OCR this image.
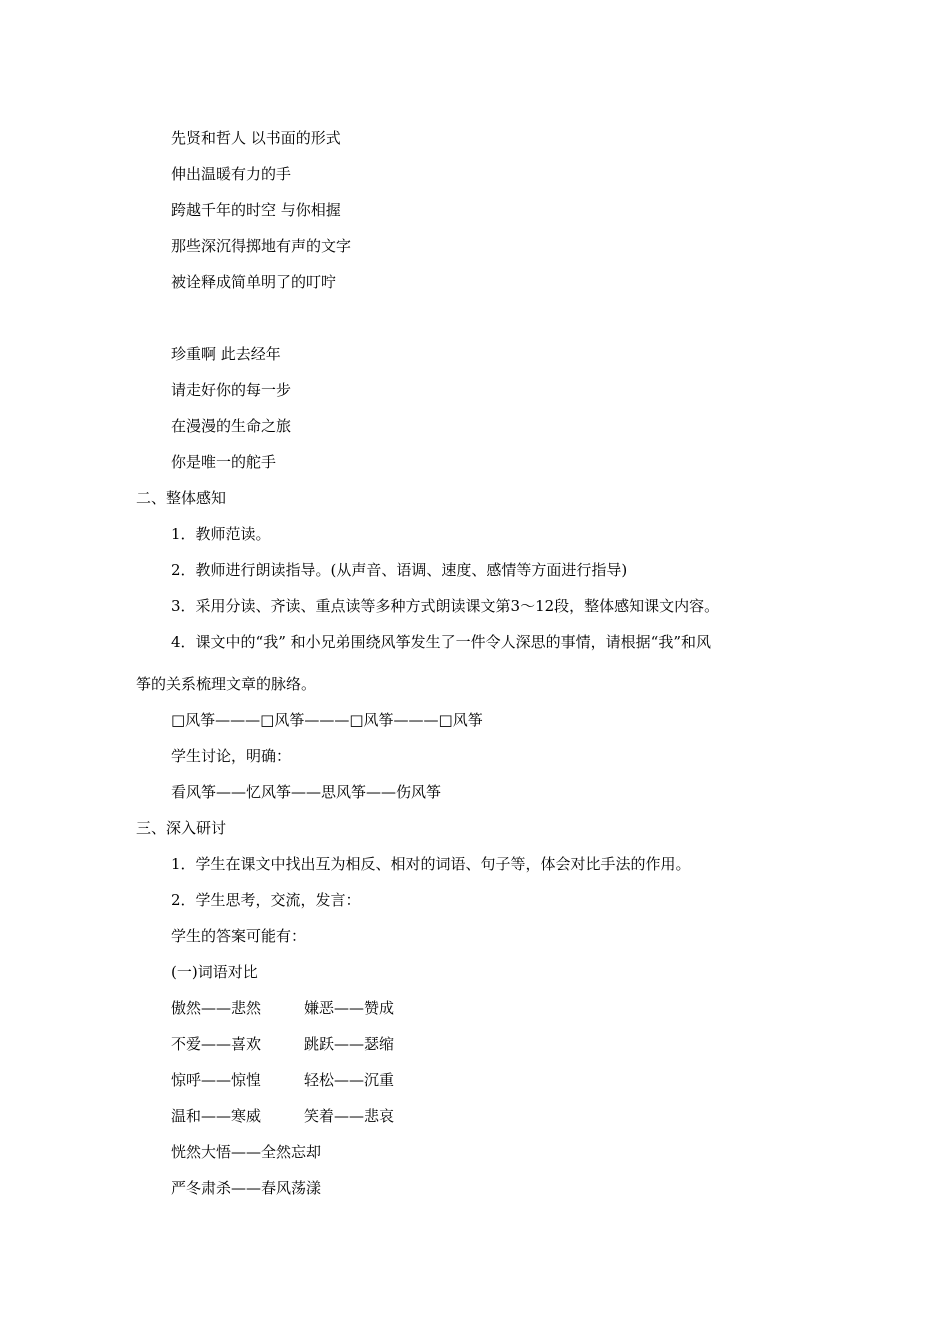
先贤和哲人 以书面的形式

伸出温暖有力的手

跨越千年的时空 与你相握

那些深沉得掷地有声的文字

被诠释成简单明了的叮咛

珍重啊 此去经年

请走好你的每一步

在漫漫的生命之旅

你是唯一的舵手

二、整体感知

1．教师范读。

2．教师进行朗读指导。(从声音、语调、速度、感情等方面进行指导)

3．采用分读、齐读、重点读等多种方式朗读课文第3～12段，整体感知课文内容。

4．课文中的“我” 和小兄弟围绕风筝发生了一件令人深思的事情，请根据“我”和风

筝的关系梳理文章的脉络。

□风筝———□风筝———□风筝———□风筝

学生讨论，明确：

看风筝——忆风筝——思风筝——伤风筝

三、深入研讨

1．学生在课文中找出互为相反、相对的词语、句子等，体会对比手法的作用。

2．学生思考，交流，发言：

学生的答案可能有：

(一)词语对比

傲然——悲然	嫌恶——赞成
不爱——喜欢	跳跃——瑟缩
惊呼——惊惶	轻松——沉重
温和——寒威	笑着——悲哀

恍然大悟——全然忘却

严冬肃杀——春风荡漾
